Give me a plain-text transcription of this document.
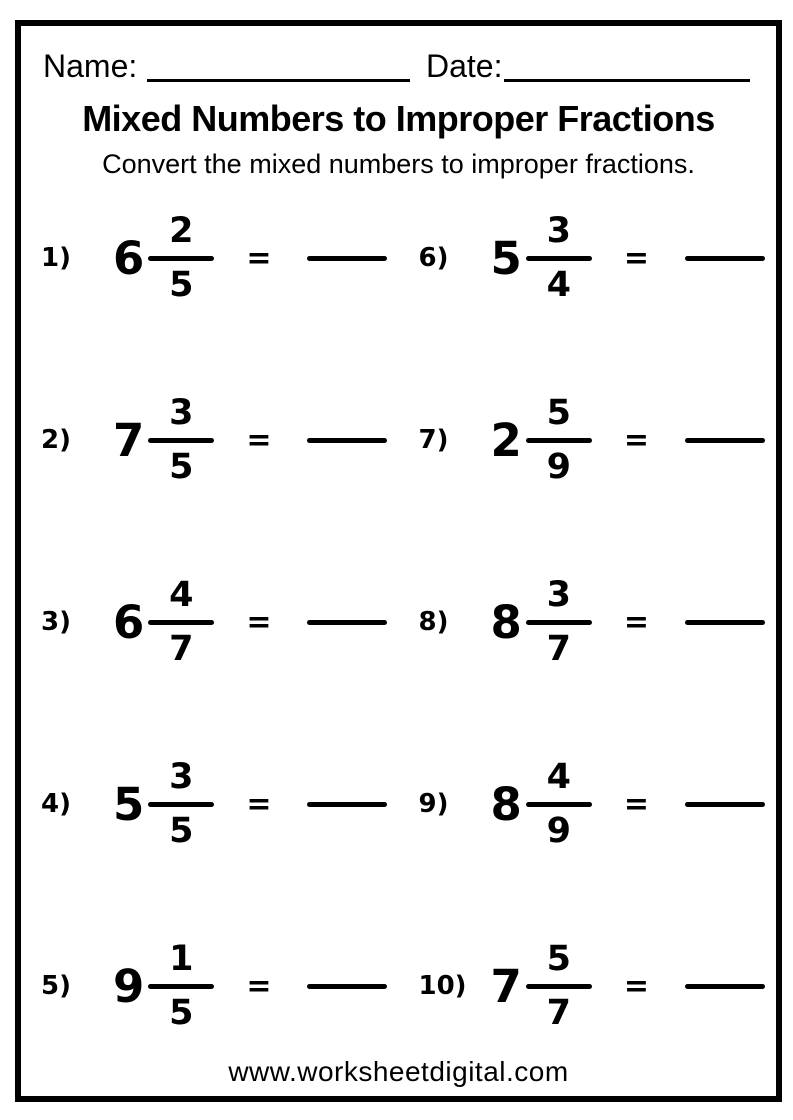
Name:	Date:
Mixed Numbers to Improper Fractions
Convert the mixed numbers to improper fractions.
1) 6
2
5
=
2) 7
3
5
=
3) 6
4
7
=
4) 5
3
5
=
5) 9
1
5
=
6) 5
3
4
=
7) 2
5
9
=
8) 8
3
7
=
9) 8
4
9
=
10) 7
5
7
=
www.worksheetdigital.com
